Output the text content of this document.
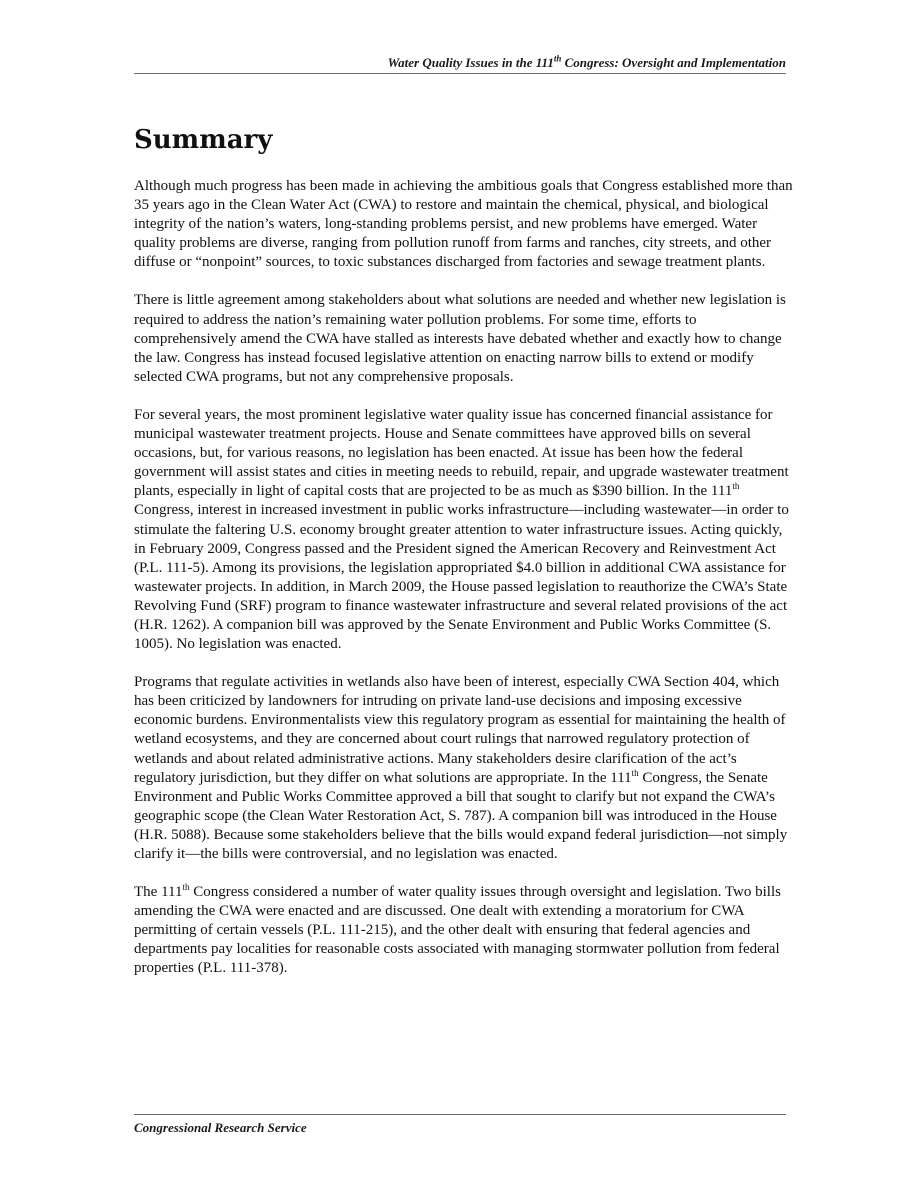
Water Quality Issues in the 111th Congress: Oversight and Implementation
Summary

Although much progress has been made in achieving the ambitious goals that Congress established more than 35 years ago in the Clean Water Act (CWA) to restore and maintain the chemical, physical, and biological integrity of the nation’s waters, long-standing problems persist, and new problems have emerged. Water quality problems are diverse, ranging from pollution runoff from farms and ranches, city streets, and other diffuse or “nonpoint” sources, to toxic substances discharged from factories and sewage treatment plants.

There is little agreement among stakeholders about what solutions are needed and whether new legislation is required to address the nation’s remaining water pollution problems. For some time, efforts to comprehensively amend the CWA have stalled as interests have debated whether and exactly how to change the law. Congress has instead focused legislative attention on enacting narrow bills to extend or modify selected CWA programs, but not any comprehensive proposals.

For several years, the most prominent legislative water quality issue has concerned financial assistance for municipal wastewater treatment projects. House and Senate committees have approved bills on several occasions, but, for various reasons, no legislation has been enacted. At issue has been how the federal government will assist states and cities in meeting needs to rebuild, repair, and upgrade wastewater treatment plants, especially in light of capital costs that are projected to be as much as $390 billion. In the 111th Congress, interest in increased investment in public works infrastructure—including wastewater—in order to stimulate the faltering U.S. economy brought greater attention to water infrastructure issues. Acting quickly, in February 2009, Congress passed and the President signed the American Recovery and Reinvestment Act (P.L. 111-5). Among its provisions, the legislation appropriated $4.0 billion in additional CWA assistance for wastewater projects. In addition, in March 2009, the House passed legislation to reauthorize the CWA’s State Revolving Fund (SRF) program to finance wastewater infrastructure and several related provisions of the act (H.R. 1262). A companion bill was approved by the Senate Environment and Public Works Committee (S. 1005). No legislation was enacted.

Programs that regulate activities in wetlands also have been of interest, especially CWA Section 404, which has been criticized by landowners for intruding on private land-use decisions and imposing excessive economic burdens. Environmentalists view this regulatory program as essential for maintaining the health of wetland ecosystems, and they are concerned about court rulings that narrowed regulatory protection of wetlands and about related administrative actions. Many stakeholders desire clarification of the act’s regulatory jurisdiction, but they differ on what solutions are appropriate. In the 111th Congress, the Senate Environment and Public Works Committee approved a bill that sought to clarify but not expand the CWA’s geographic scope (the Clean Water Restoration Act, S. 787). A companion bill was introduced in the House (H.R. 5088). Because some stakeholders believe that the bills would expand federal jurisdiction—not simply clarify it—the bills were controversial, and no legislation was enacted.

The 111th Congress considered a number of water quality issues through oversight and legislation. Two bills amending the CWA were enacted and are discussed. One dealt with extending a moratorium for CWA permitting of certain vessels (P.L. 111-215), and the other dealt with ensuring that federal agencies and departments pay localities for reasonable costs associated with managing stormwater pollution from federal properties (P.L. 111-378).

Congressional Research Service
